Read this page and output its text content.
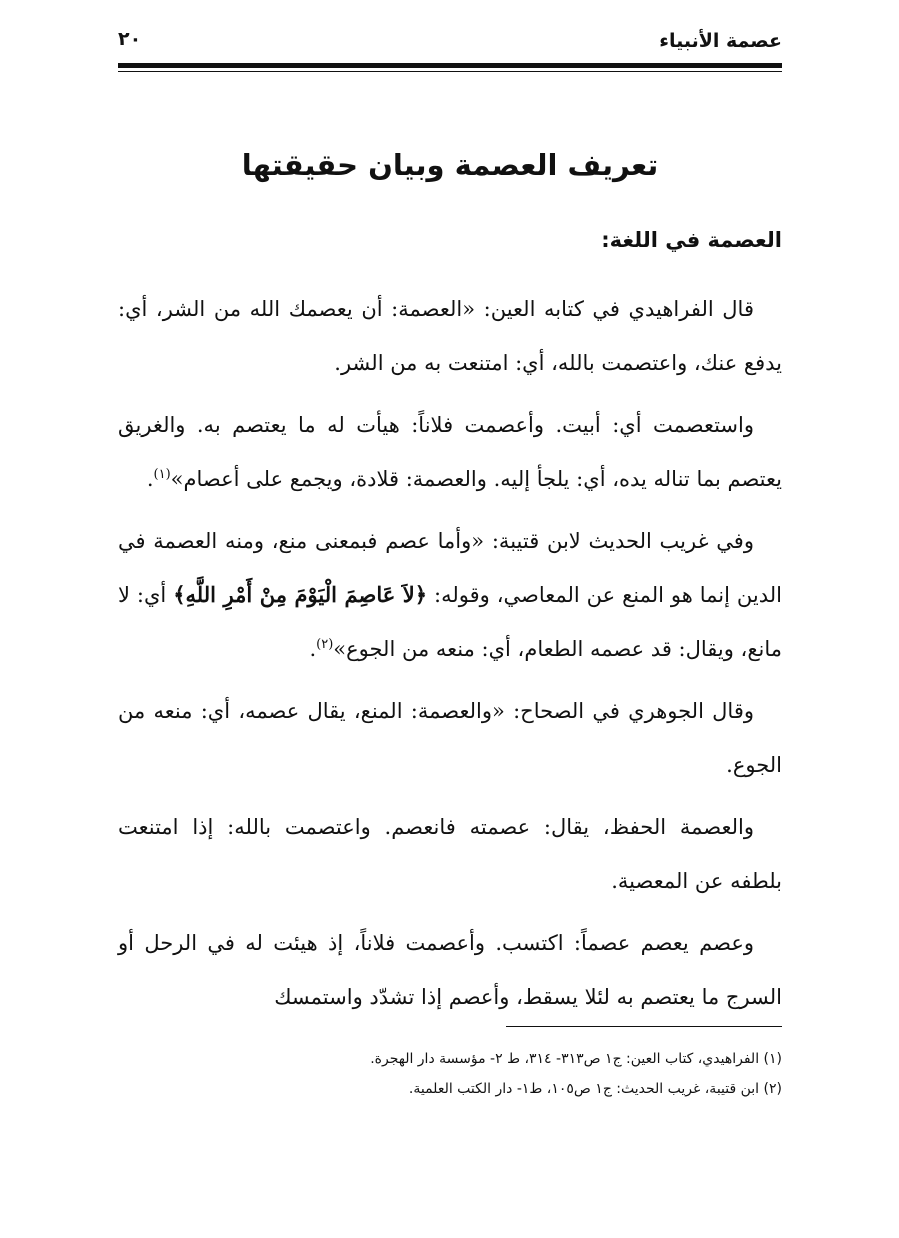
عصمة الأنبياء
٢٠
تعريف العصمة وبيان حقيقتها
العصمة في اللغة:

قال الفراهيدي في كتابه العين: «العصمة: أن يعصمك الله من الشر، أي: يدفع عنك، واعتصمت بالله، أي: امتنعت به من الشر.

واستعصمت أي: أبيت. وأعصمت فلاناً: هيأت له ما يعتصم به. والغريق يعتصم بما تناله يده، أي: يلجأ إليه. والعصمة: قلادة، ويجمع على أعصام»$^{(١)}$.

وفي غريب الحديث لابن قتيبة: «وأما عصم فبمعنى منع، ومنه العصمة في الدين إنما هو المنع عن المعاصي، وقوله: ﴿لاَ عَاصِمَ الْيَوْمَ مِنْ أَمْرِ اللَّهِ﴾ أي: لا مانع، ويقال: قد عصمه الطعام، أي: منعه من الجوع»$^{(٢)}$.

وقال الجوهري في الصحاح: «والعصمة: المنع، يقال عصمه، أي: منعه من الجوع.

والعصمة الحفظ، يقال: عصمته فانعصم. واعتصمت بالله: إذا امتنعت بلطفه عن المعصية.

وعصم يعصم عصماً: اكتسب. وأعصمت فلاناً، إذ هيئت له في الرحل أو السرج ما يعتصم به لئلا يسقط، وأعصم إذا تشدّد واستمسك

(١) الفراهيدي، كتاب العين: ج١ ص٣١٣- ٣١٤، ط ٢- مؤسسة دار الهجرة.

(٢) ابن قتيبة، غريب الحديث: ج١ ص١٠٥، ط١- دار الكتب العلمية.
